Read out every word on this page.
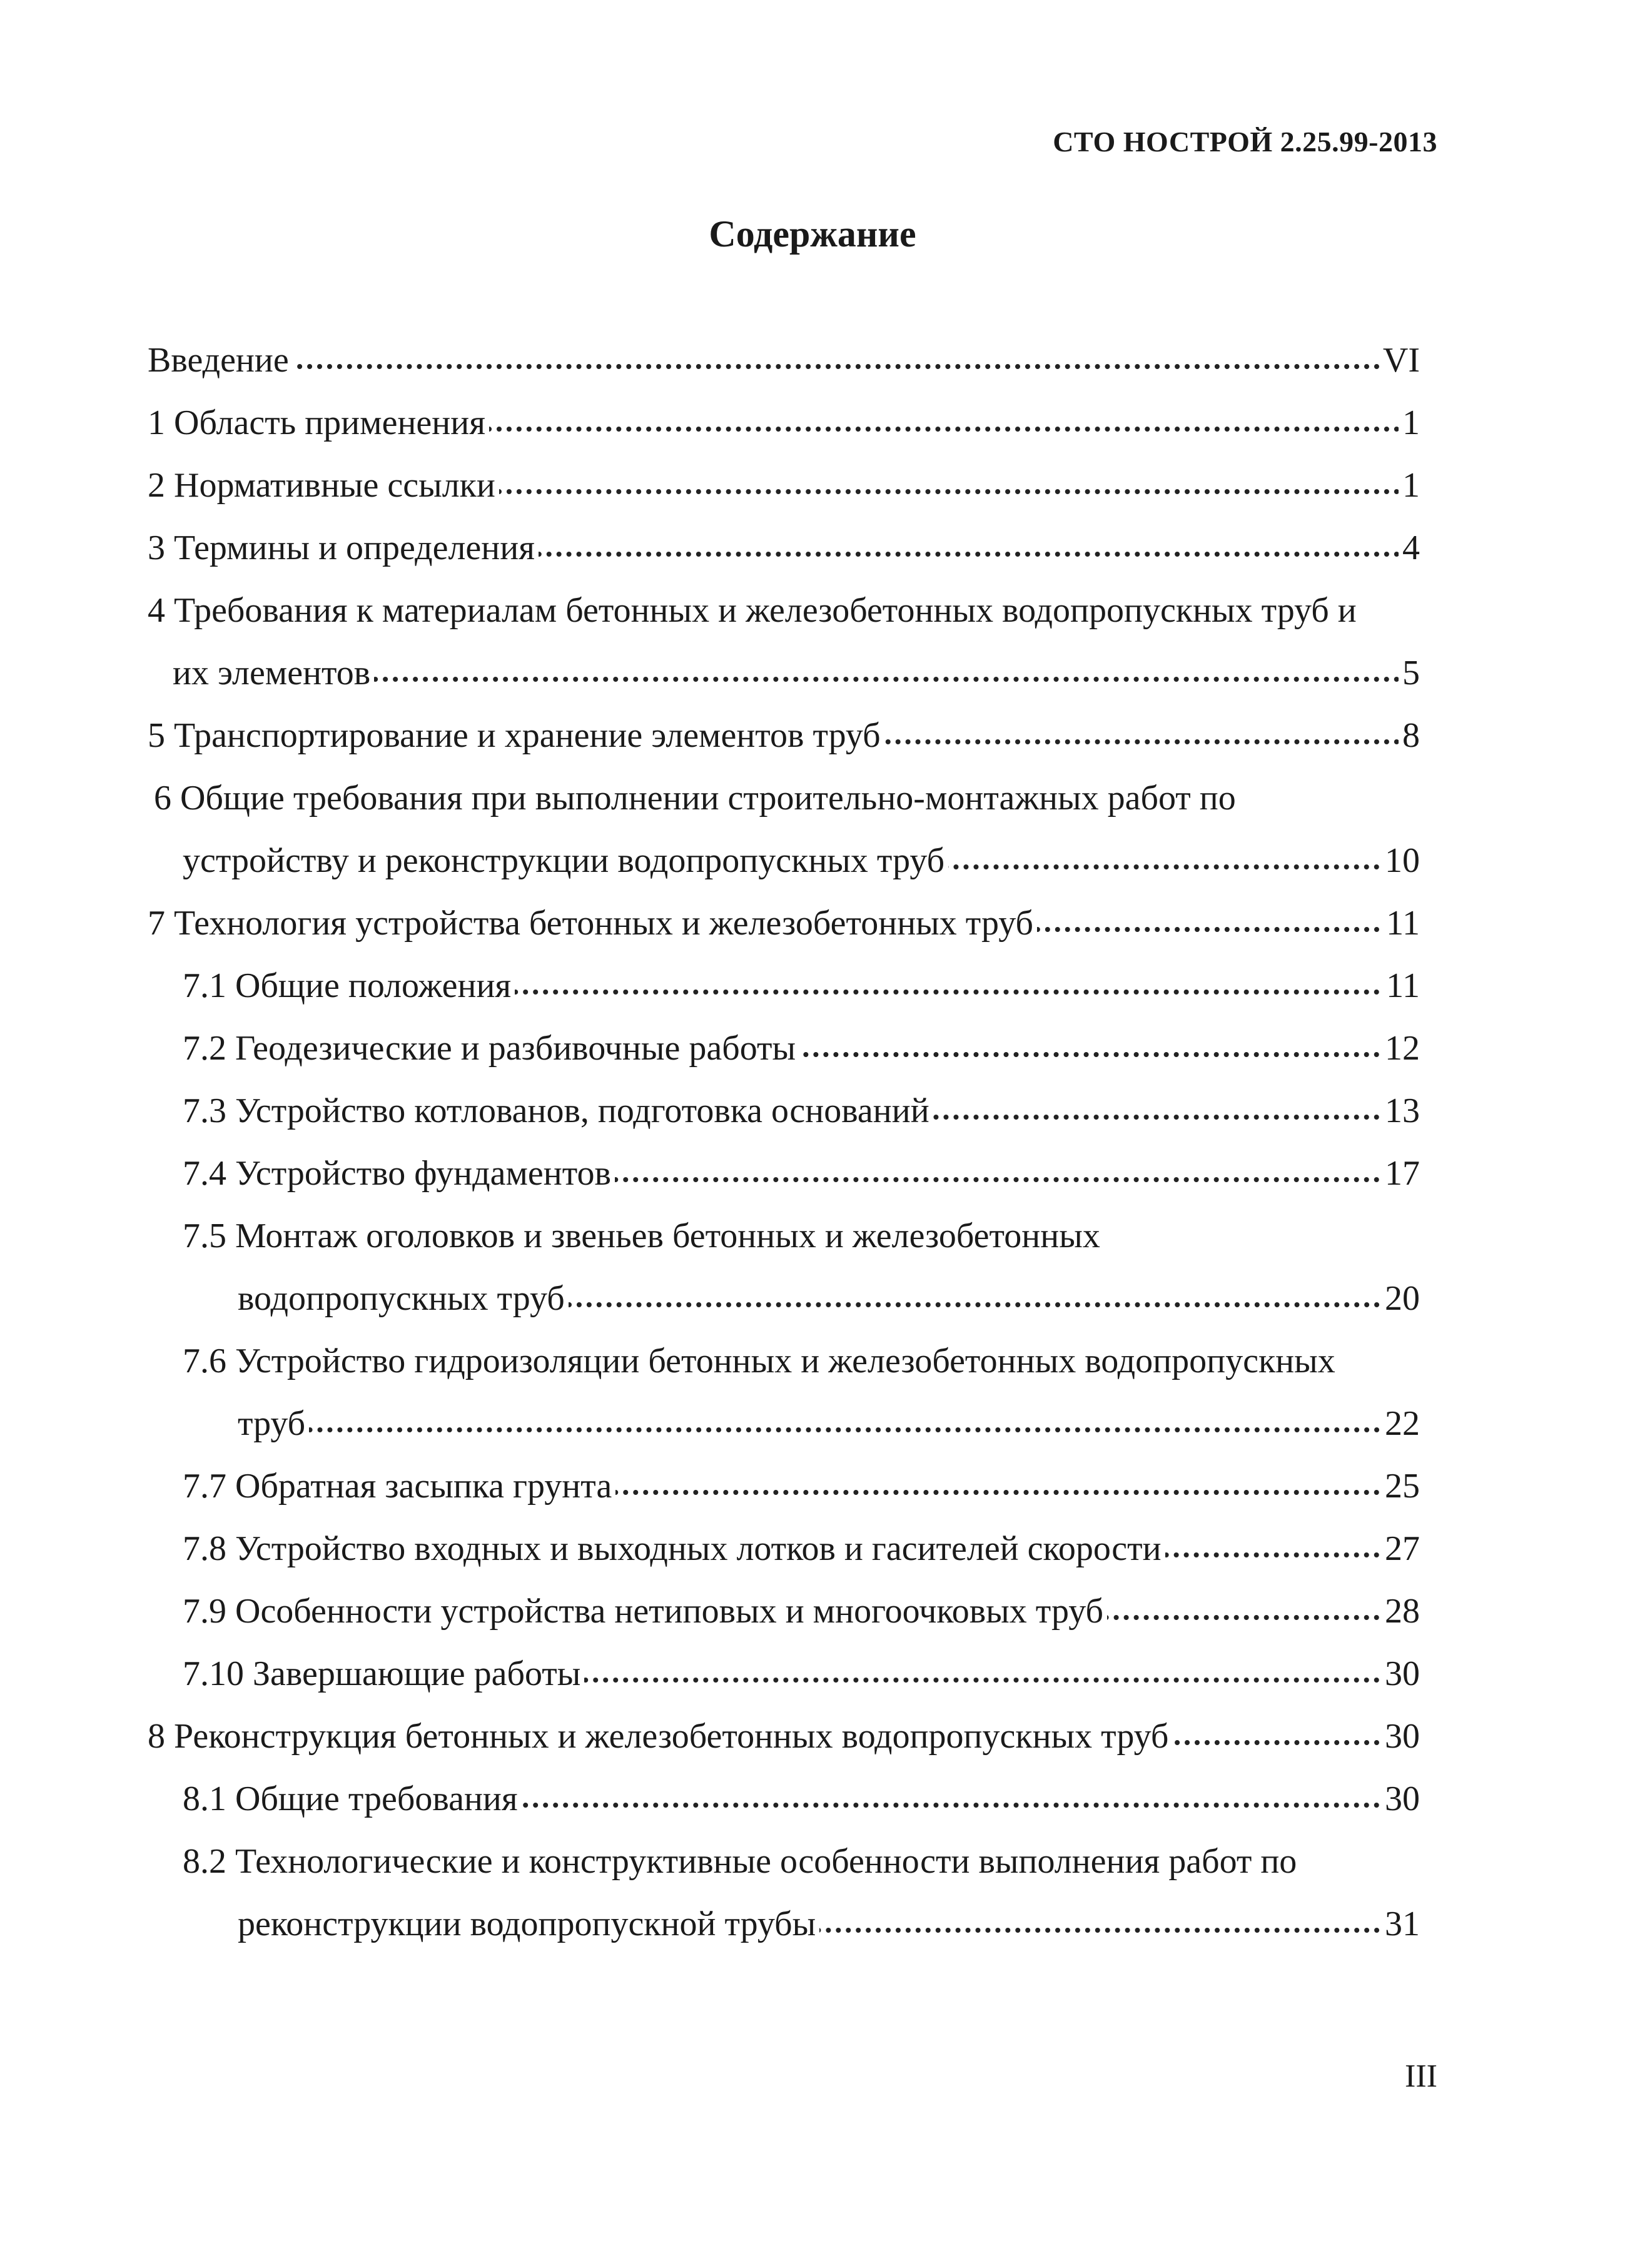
СТО НОСТРОЙ 2.25.99-2013
Содержание
Введение	VI
1 Область применения	1
2 Нормативные ссылки	1
3 Термины и определения	4
4 Требования к материалам бетонных и железобетонных водопропускных труб и
их элементов	5
5 Транспортирование и хранение элементов труб	8
6 Общие требования при выполнении строительно-монтажных работ по
устройству и реконструкции водопропускных труб	10
7 Технология устройства бетонных и железобетонных труб	11
7.1 Общие положения	11
7.2 Геодезические и разбивочные работы	12
7.3 Устройство котлованов, подготовка оснований	13
7.4 Устройство фундаментов	17
7.5 Монтаж оголовков и звеньев бетонных и железобетонных
водопропускных труб	20
7.6 Устройство гидроизоляции бетонных и железобетонных водопропускных
труб	22
7.7 Обратная засыпка грунта	25
7.8 Устройство входных и выходных лотков и гасителей скорости	27
7.9 Особенности устройства нетиповых и многоочковых труб	28
7.10 Завершающие работы	30
8 Реконструкция бетонных и железобетонных водопропускных труб	30
8.1 Общие требования	30
8.2 Технологические и конструктивные особенности выполнения работ по
реконструкции водопропускной трубы	31
III
